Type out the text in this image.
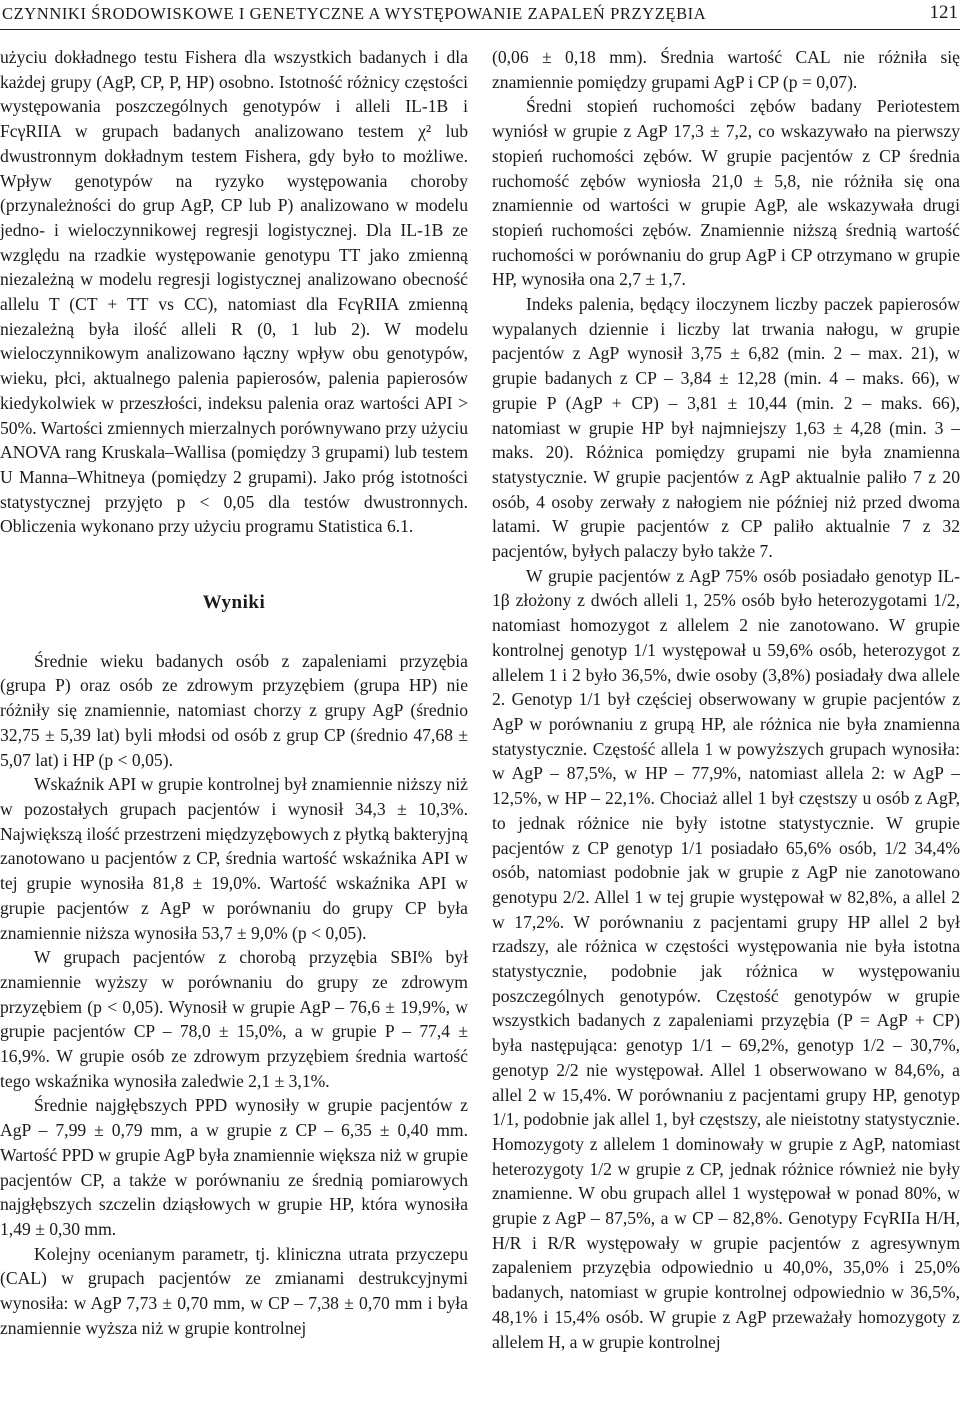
CZYNNIKI ŚRODOWISKOWE I GENETYCZNE A WYSTĘPOWANIE ZAPALEŃ PRZYZĘBIA	121

użyciu dokładnego testu Fishera dla wszystkich badanych i dla każdej grupy (AgP, CP, P, HP) osobno. Istotność różnicy częstości występowania poszczególnych genotypów i alleli IL-1B i FcγRIIA w grupach badanych analizowano testem χ² lub dwustronnym dokładnym testem Fishera, gdy było to możliwe. Wpływ genotypów na ryzyko występowania choroby (przynależności do grup AgP, CP lub P) analizowano w modelu jedno- i wieloczynnikowej regresji logistycznej. Dla IL-1B ze względu na rzadkie występowanie genotypu TT jako zmienną niezależną w modelu regresji logistycznej analizowano obecność allelu T (CT + TT vs CC), natomiast dla FcγRIIA zmienną niezależną była ilość alleli R (0, 1 lub 2). W modelu wieloczynnikowym analizowano łączny wpływ obu genotypów, wieku, płci, aktualnego palenia papierosów, palenia papierosów kiedykolwiek w przeszłości, indeksu palenia oraz wartości API > 50%. Wartości zmiennych mierzalnych porównywano przy użyciu ANOVA rang Kruskala–Wallisa (pomiędzy 3 grupami) lub testem U Manna–Whitneya (pomiędzy 2 grupami). Jako próg istotności statystycznej przyjęto p < 0,05 dla testów dwustronnych. Obliczenia wykonano przy użyciu programu Statistica 6.1.

Wyniki

Średnie wieku badanych osób z zapaleniami przyzębia (grupa P) oraz osób ze zdrowym przyzębiem (grupa HP) nie różniły się znamiennie, natomiast chorzy z grupy AgP (średnio 32,75 ± 5,39 lat) byli młodsi od osób z grup CP (średnio 47,68 ± 5,07 lat) i HP (p < 0,05).

Wskaźnik API w grupie kontrolnej był znamiennie niższy niż w pozostałych grupach pacjentów i wynosił 34,3 ± 10,3%. Największą ilość przestrzeni międzyzębowych z płytką bakteryjną zanotowano u pacjentów z CP, średnia wartość wskaźnika API w tej grupie wynosiła 81,8 ± 19,0%. Wartość wskaźnika API w grupie pacjentów z AgP w porównaniu do grupy CP była znamiennie niższa wynosiła 53,7 ± 9,0% (p < 0,05).

W grupach pacjentów z chorobą przyzębia SBI% był znamiennie wyższy w porównaniu do grupy ze zdrowym przyzębiem (p < 0,05). Wynosił w grupie AgP – 76,6 ± 19,9%, w grupie pacjentów CP – 78,0 ± 15,0%, a w grupie P – 77,4 ± 16,9%. W grupie osób ze zdrowym przyzębiem średnia wartość tego wskaźnika wynosiła zaledwie 2,1 ± 3,1%.

Średnie najgłębszych PPD wynosiły w grupie pacjentów z AgP – 7,99 ± 0,79 mm, a w grupie z CP – 6,35 ± 0,40 mm. Wartość PPD w grupie AgP była znamiennie większa niż w grupie pacjentów CP, a także w porównaniu ze średnią pomiarowych najgłębszych szczelin dziąsłowych w grupie HP, która wynosiła 1,49 ± 0,30 mm.

Kolejny ocenianym parametr, tj. kliniczna utrata przyczepu (CAL) w grupach pacjentów ze zmianami destrukcyjnymi wynosiła: w AgP 7,73 ± 0,70 mm, w CP – 7,38 ± 0,70 mm i była znamiennie wyższa niż w grupie kontrolnej

(0,06 ± 0,18 mm). Średnia wartość CAL nie różniła się znamiennie pomiędzy grupami AgP i CP (p = 0,07).

Średni stopień ruchomości zębów badany Periotestem wyniósł w grupie z AgP 17,3 ± 7,2, co wskazywało na pierwszy stopień ruchomości zębów. W grupie pacjentów z CP średnia ruchomość zębów wyniosła 21,0 ± 5,8, nie różniła się ona znamiennie od wartości w grupie AgP, ale wskazywała drugi stopień ruchomości zębów. Znamiennie niższą średnią wartość ruchomości w porównaniu do grup AgP i CP otrzymano w grupie HP, wynosiła ona 2,7 ± 1,7.

Indeks palenia, będący iloczynem liczby paczek papierosów wypalanych dziennie i liczby lat trwania nałogu, w grupie pacjentów z AgP wynosił 3,75 ± 6,82 (min. 2 – max. 21), w grupie badanych z CP – 3,84 ± 12,28 (min. 4 – maks. 66), w grupie P (AgP + CP) – 3,81 ± 10,44 (min. 2 – maks. 66), natomiast w grupie HP był najmniejszy 1,63 ± 4,28 (min. 3 – maks. 20). Różnica pomiędzy grupami nie była znamienna statystycznie. W grupie pacjentów z AgP aktualnie paliło 7 z 20 osób, 4 osoby zerwały z nałogiem nie później niż przed dwoma latami. W grupie pacjentów z CP paliło aktualnie 7 z 32 pacjentów, byłych palaczy było także 7.

W grupie pacjentów z AgP 75% osób posiadało genotyp IL-1β złożony z dwóch alleli 1, 25% osób było heterozygotami 1/2, natomiast homozygot z allelem 2 nie zanotowano. W grupie kontrolnej genotyp 1/1 występował u 59,6% osób, heterozygot z allelem 1 i 2 było 36,5%, dwie osoby (3,8%) posiadały dwa allele 2. Genotyp 1/1 był częściej obserwowany w grupie pacjentów z AgP w porównaniu z grupą HP, ale różnica nie była znamienna statystycznie. Częstość allela 1 w powyższych grupach wynosiła: w AgP – 87,5%, w HP – 77,9%, natomiast allela 2: w AgP – 12,5%, w HP – 22,1%. Chociaż allel 1 był częstszy u osób z AgP, to jednak różnice nie były istotne statystycznie. W grupie pacjentów z CP genotyp 1/1 posiadało 65,6% osób, 1/2 34,4% osób, natomiast podobnie jak w grupie z AgP nie zanotowano genotypu 2/2. Allel 1 w tej grupie występował w 82,8%, a allel 2 w 17,2%. W porównaniu z pacjentami grupy HP allel 2 był rzadszy, ale różnica w częstości występowania nie była istotna statystycznie, podobnie jak różnica w występowaniu poszczególnych genotypów. Częstość genotypów w grupie wszystkich badanych z zapaleniami przyzębia (P = AgP + CP) była następująca: genotyp 1/1 – 69,2%, genotyp 1/2 – 30,7%, genotyp 2/2 nie występował. Allel 1 obserwowano w 84,6%, a allel 2 w 15,4%. W porównaniu z pacjentami grupy HP, genotyp 1/1, podobnie jak allel 1, był częstszy, ale nieistotny statystycznie. Homozygoty z allelem 1 dominowały w grupie z AgP, natomiast heterozygoty 1/2 w grupie z CP, jednak różnice również nie były znamienne. W obu grupach allel 1 występował w ponad 80%, w grupie z AgP – 87,5%, a w CP – 82,8%. Genotypy FcγRIIa H/H, H/R i R/R występowały w grupie pacjentów z agresywnym zapaleniem przyzębia odpowiednio u 40,0%, 35,0% i 25,0% badanych, natomiast w grupie kontrolnej odpowiednio w 36,5%, 48,1% i 15,4% osób. W grupie z AgP przeważały homozygoty z allelem H, a w grupie kontrolnej
